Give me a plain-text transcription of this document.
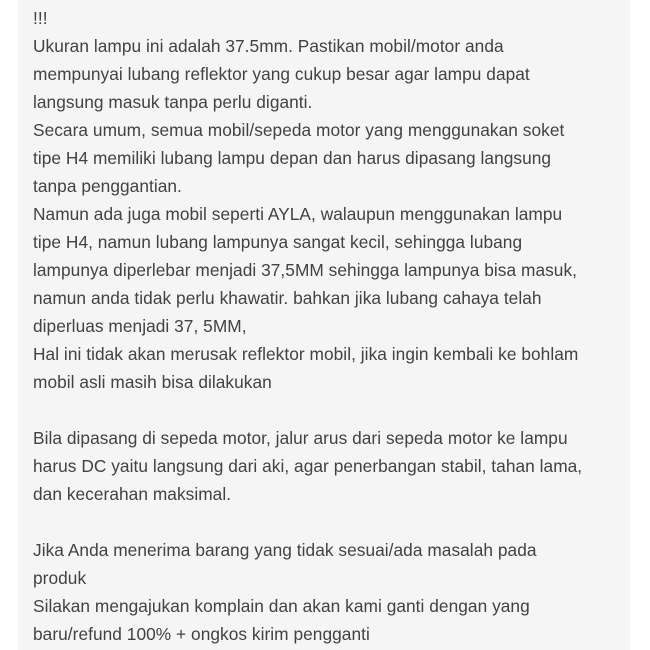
!!!
Ukuran lampu ini adalah 37.5mm. Pastikan mobil/motor anda
mempunyai lubang reflektor yang cukup besar agar lampu dapat
langsung masuk tanpa perlu diganti.
Secara umum, semua mobil/sepeda motor yang menggunakan soket
tipe H4 memiliki lubang lampu depan dan harus dipasang langsung
tanpa penggantian.
Namun ada juga mobil seperti AYLA, walaupun menggunakan lampu
tipe H4, namun lubang lampunya sangat kecil, sehingga lubang
lampunya diperlebar menjadi 37,5MM sehingga lampunya bisa masuk,
namun anda tidak perlu khawatir. bahkan jika lubang cahaya telah
diperluas menjadi 37, 5MM,
Hal ini tidak akan merusak reflektor mobil, jika ingin kembali ke bohlam
mobil asli masih bisa dilakukan
Bila dipasang di sepeda motor, jalur arus dari sepeda motor ke lampu
harus DC yaitu langsung dari aki, agar penerbangan stabil, tahan lama,
dan kecerahan maksimal.
Jika Anda menerima barang yang tidak sesuai/ada masalah pada
produk
Silakan mengajukan komplain dan akan kami ganti dengan yang
baru/refund 100% + ongkos kirim pengganti
